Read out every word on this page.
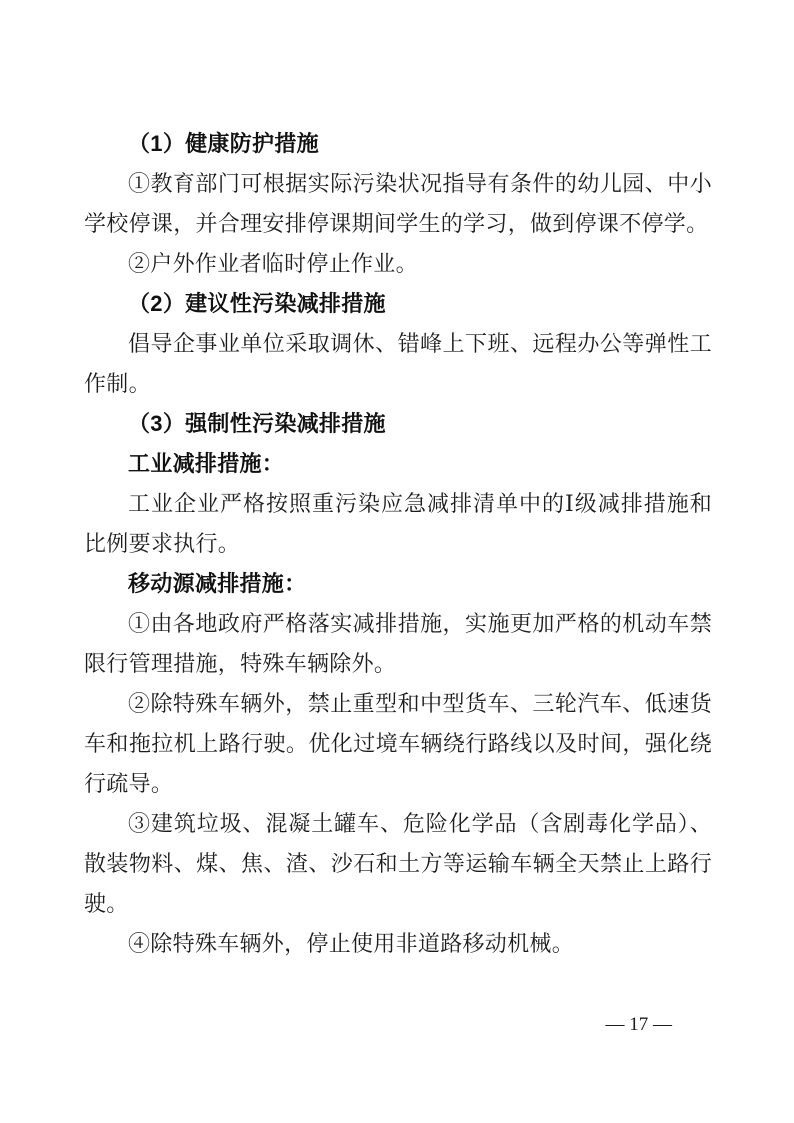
（1）健康防护措施

①教育部门可根据实际污染状况指导有条件的幼儿园、中小学校停课，并合理安排停课期间学生的学习，做到停课不停学。

②户外作业者临时停止作业。

（2）建议性污染减排措施

倡导企事业单位采取调休、错峰上下班、远程办公等弹性工作制。

（3）强制性污染减排措施
工业减排措施：

工业企业严格按照重污染应急减排清单中的Ⅰ级减排措施和比例要求执行。

移动源减排措施：

①由各地政府严格落实减排措施，实施更加严格的机动车禁限行管理措施，特殊车辆除外。

②除特殊车辆外，禁止重型和中型货车、三轮汽车、低速货车和拖拉机上路行驶。优化过境车辆绕行路线以及时间，强化绕行疏导。

③建筑垃圾、混凝土罐车、危险化学品（含剧毒化学品）、散装物料、煤、焦、渣、沙石和土方等运输车辆全天禁止上路行驶。

④除特殊车辆外，停止使用非道路移动机械。

— 17 —
